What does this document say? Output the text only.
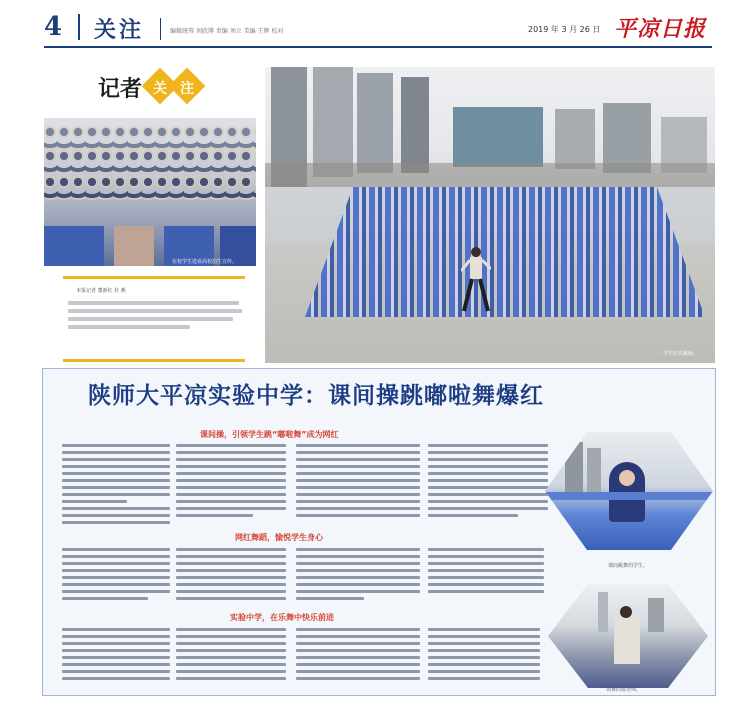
4	关注	编辑统筹 刘欣博 责编 刘立 美编 王辉 校对	2019 年 3 月 26 日 平凉日报
记者 关 注
在校学生选看高校招生宣传。
学生们在跳操。
本报记者 董新红 杜 燕
陕师大平凉实验中学：课间操跳嘟啦舞爆红
课间操，引领学生跳“嘟啦舞”成为网红
网红舞蹈，愉悦学生身心
实验中学，在乐舞中快乐前进
课间跳舞的学生。
领舞的敬老师。
